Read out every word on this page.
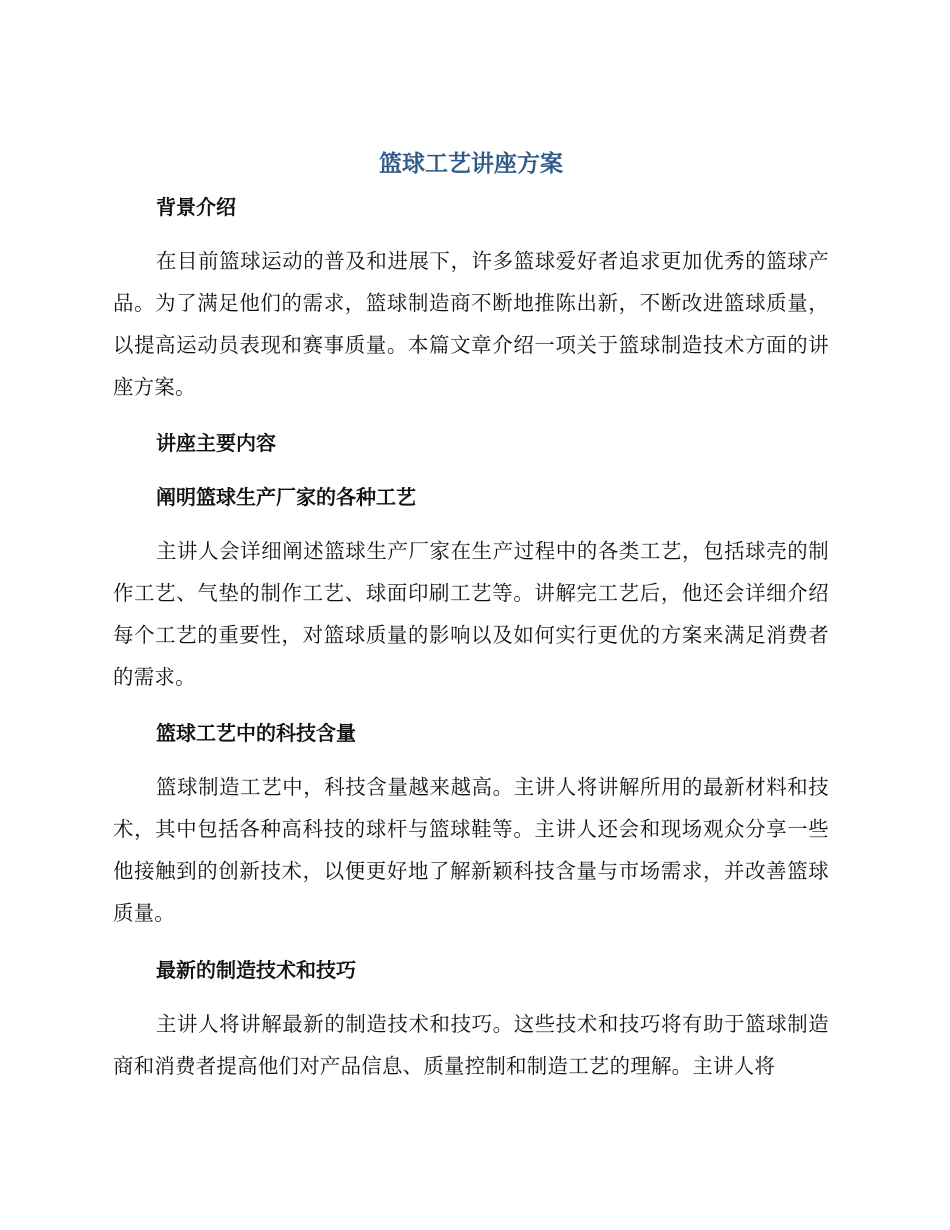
篮球工艺讲座方案
背景介绍

在目前篮球运动的普及和进展下，许多篮球爱好者追求更加优秀的篮球产品。为了满足他们的需求，篮球制造商不断地推陈出新，不断改进篮球质量，以提高运动员表现和赛事质量。本篇文章介绍一项关于篮球制造技术方面的讲座方案。

讲座主要内容
阐明篮球生产厂家的各种工艺

主讲人会详细阐述篮球生产厂家在生产过程中的各类工艺，包括球壳的制作工艺、气垫的制作工艺、球面印刷工艺等。讲解完工艺后，他还会详细介绍每个工艺的重要性，对篮球质量的影响以及如何实行更优的方案来满足消费者的需求。

篮球工艺中的科技含量

篮球制造工艺中，科技含量越来越高。主讲人将讲解所用的最新材料和技术，其中包括各种高科技的球杆与篮球鞋等。主讲人还会和现场观众分享一些他接触到的创新技术，以便更好地了解新颖科技含量与市场需求，并改善篮球质量。

最新的制造技术和技巧

主讲人将讲解最新的制造技术和技巧。这些技术和技巧将有助于篮球制造商和消费者提高他们对产品信息、质量控制和制造工艺的理解。主讲人将
